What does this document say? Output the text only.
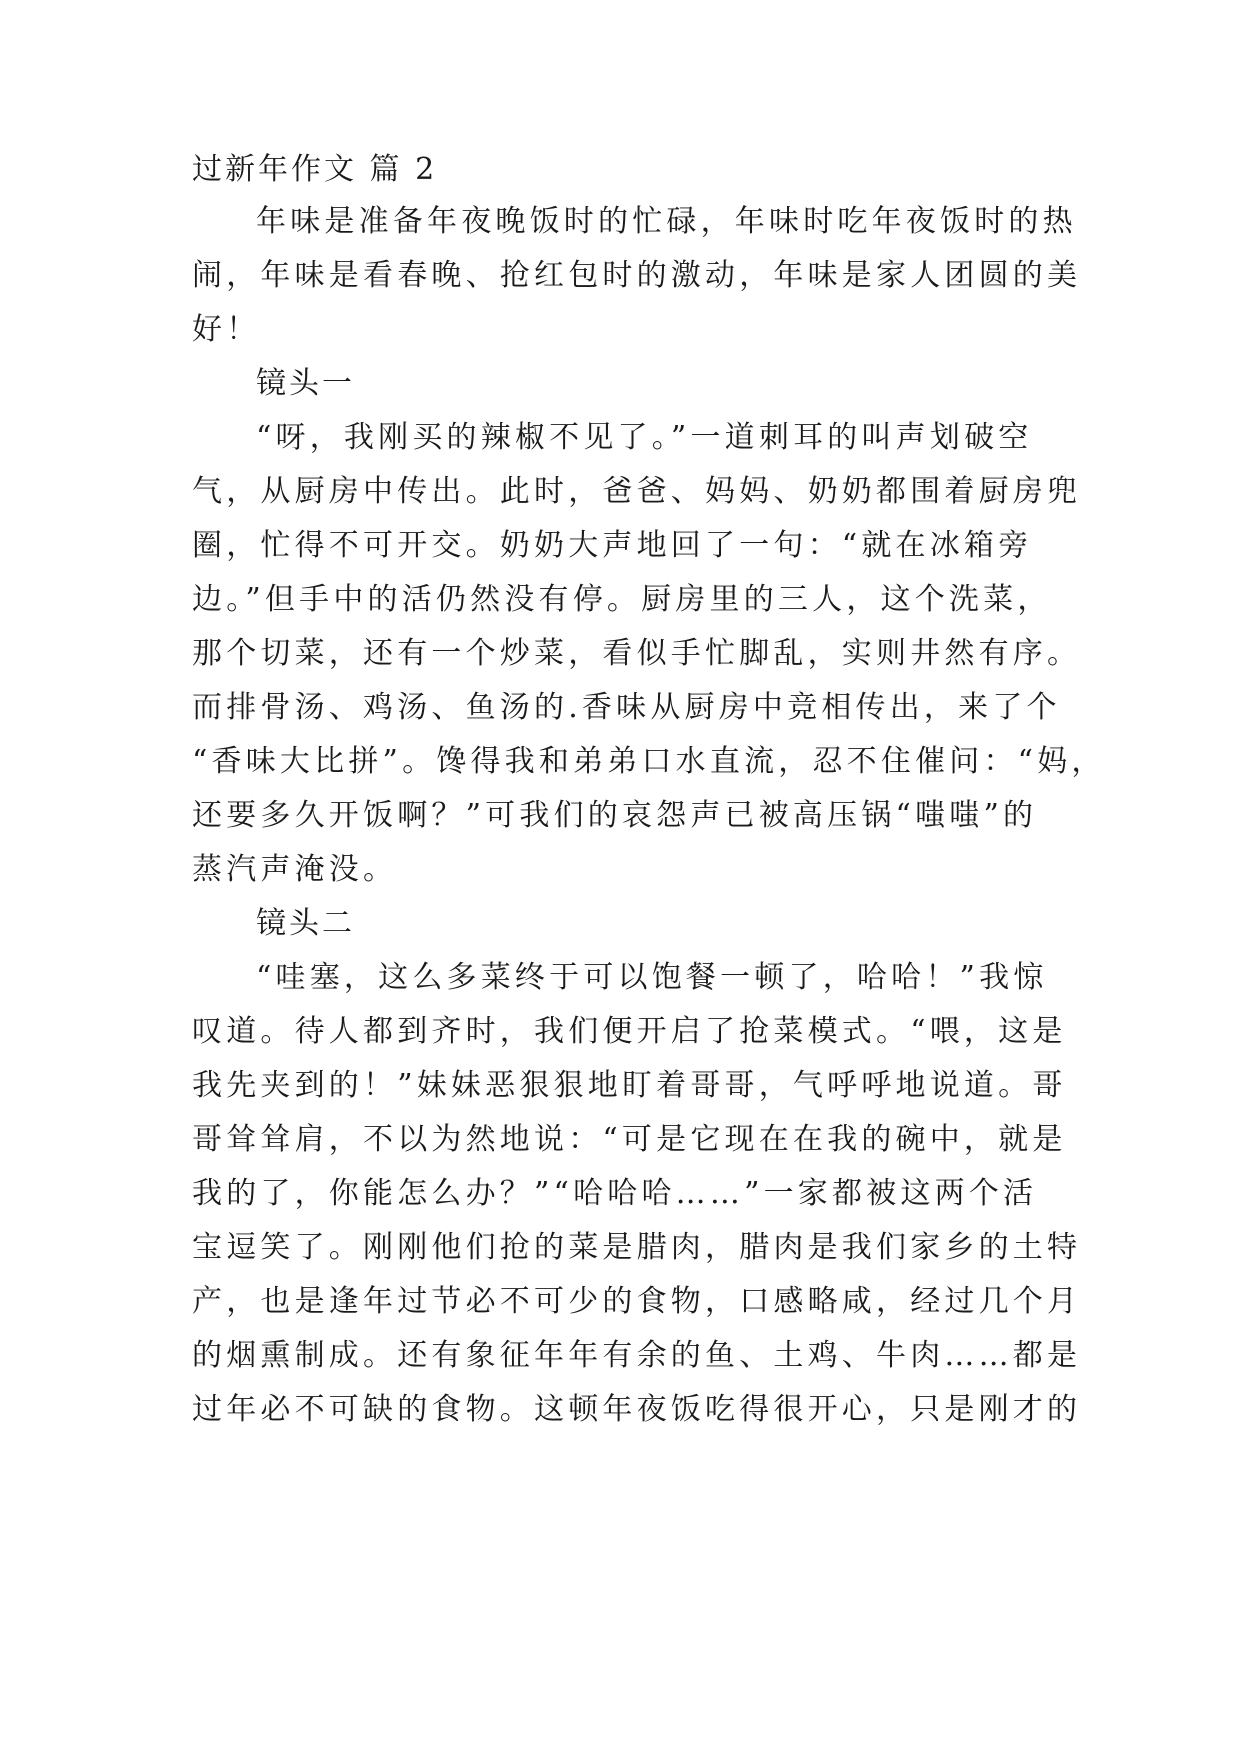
过新年作文 篇 2
年味是准备年夜晚饭时的忙碌，年味时吃年夜饭时的热
闹，年味是看春晚、抢红包时的激动，年味是家人团圆的美
好！
镜头一
“呀，我刚买的辣椒不见了。”一道刺耳的叫声划破空
气，从厨房中传出。此时，爸爸、妈妈、奶奶都围着厨房兜
圈，忙得不可开交。奶奶大声地回了一句：“就在冰箱旁
边。”但手中的活仍然没有停。厨房里的三人，这个洗菜，
那个切菜，还有一个炒菜，看似手忙脚乱，实则井然有序。
而排骨汤、鸡汤、鱼汤的.香味从厨房中竞相传出，来了个
“香味大比拼”。馋得我和弟弟口水直流，忍不住催问：“妈，
还要多久开饭啊？”可我们的哀怨声已被高压锅“嗤嗤”的
蒸汽声淹没。
镜头二
“哇塞，这么多菜终于可以饱餐一顿了，哈哈！”我惊
叹道。待人都到齐时，我们便开启了抢菜模式。“喂，这是
我先夹到的！”妹妹恶狠狠地盯着哥哥，气呼呼地说道。哥
哥耸耸肩，不以为然地说：“可是它现在在我的碗中，就是
我的了，你能怎么办？”“哈哈哈……”一家都被这两个活
宝逗笑了。刚刚他们抢的菜是腊肉，腊肉是我们家乡的土特
产，也是逢年过节必不可少的食物，口感略咸，经过几个月
的烟熏制成。还有象征年年有余的鱼、土鸡、牛肉……都是
过年必不可缺的食物。这顿年夜饭吃得很开心，只是刚才的
